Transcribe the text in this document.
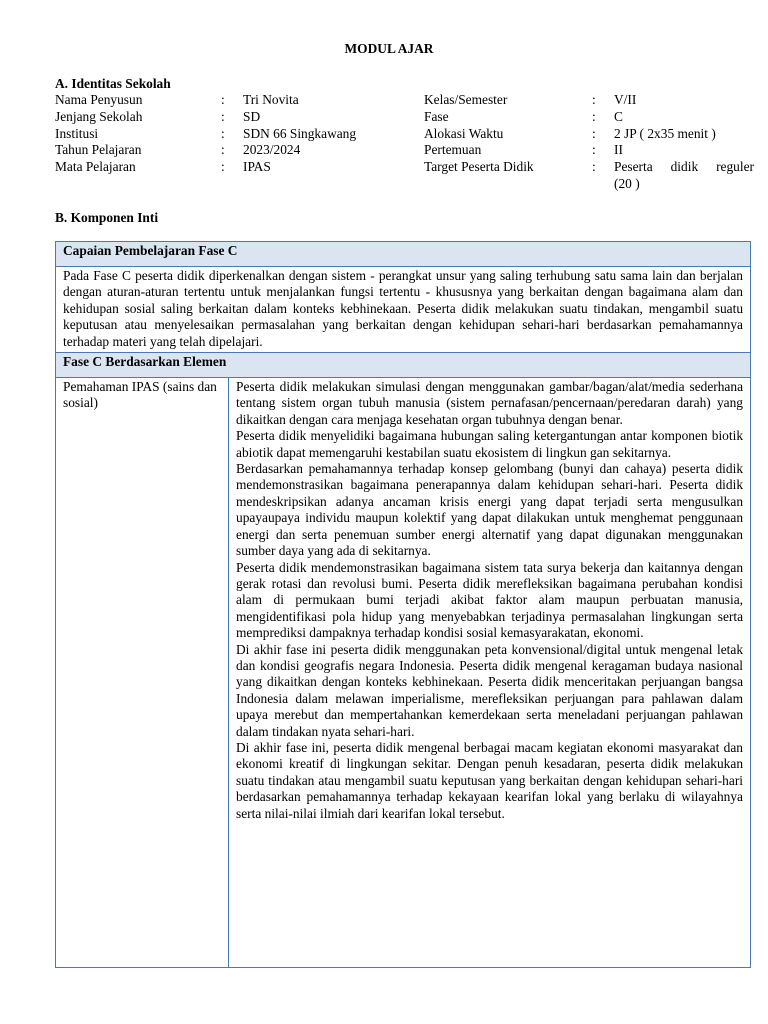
MODUL AJAR
A. Identitas Sekolah
Nama Penyusun	: Tri Novita	Kelas/Semester	: V/II
Jenjang Sekolah	: SD	Fase	: C
Institusi	: SDN 66 Singkawang	Alokasi Waktu	: 2 JP ( 2x35 menit )
Tahun Pelajaran	: 2023/2024	Pertemuan	: II
Mata Pelajaran	: IPAS	Target Peserta Didik	: Peserta didik reguler
(20 )
B. Komponen Inti
Capaian Pembelajaran Fase C
Pada Fase C peserta didik diperkenalkan dengan sistem - perangkat unsur yang saling terhubung satu sama lain dan berjalan dengan aturan-aturan tertentu untuk menjalankan fungsi tertentu - khususnya yang berkaitan dengan bagaimana alam dan kehidupan sosial saling berkaitan dalam konteks kebhinekaan. Peserta didik melakukan suatu tindakan, mengambil suatu keputusan atau menyelesaikan permasalahan yang berkaitan dengan kehidupan sehari-hari berdasarkan pemahamannya terhadap materi yang telah dipelajari.
Fase C Berdasarkan Elemen
Pemahaman IPAS (sains dan sosial)	

Peserta didik melakukan simulasi dengan menggunakan gambar/bagan/alat/media sederhana tentang sistem organ tubuh manusia (sistem pernafasan/pencernaan/peredaran darah) yang dikaitkan dengan cara menjaga kesehatan organ tubuhnya dengan benar.

Peserta didik menyelidiki bagaimana hubungan saling ketergantungan antar komponen biotik abiotik dapat memengaruhi kestabilan suatu ekosistem di lingkun gan sekitarnya.

Berdasarkan pemahamannya terhadap konsep gelombang (bunyi dan cahaya) peserta didik mendemonstrasikan bagaimana penerapannya dalam kehidupan sehari-hari. Peserta didik mendeskripsikan adanya ancaman krisis energi yang dapat terjadi serta mengusulkan upayaupaya individu maupun kolektif yang dapat dilakukan untuk menghemat penggunaan energi dan serta penemuan sumber energi alternatif yang dapat digunakan menggunakan sumber daya yang ada di sekitarnya.

Peserta didik mendemonstrasikan bagaimana sistem tata surya bekerja dan kaitannya dengan gerak rotasi dan revolusi bumi. Peserta didik merefleksikan bagaimana perubahan kondisi alam di permukaan bumi terjadi akibat faktor alam maupun perbuatan manusia, mengidentifikasi pola hidup yang menyebabkan terjadinya permasalahan lingkungan serta memprediksi dampaknya terhadap kondisi sosial kemasyarakatan, ekonomi.

Di akhir fase ini peserta didik menggunakan peta konvensional/digital untuk mengenal letak dan kondisi geografis negara Indonesia. Peserta didik mengenal keragaman budaya nasional yang dikaitkan dengan konteks kebhinekaan. Peserta didik menceritakan perjuangan bangsa Indonesia dalam melawan imperialisme, merefleksikan perjuangan para pahlawan dalam upaya merebut dan mempertahankan kemerdekaan serta meneladani perjuangan pahlawan dalam tindakan nyata sehari-hari.

Di akhir fase ini, peserta didik mengenal berbagai macam kegiatan ekonomi masyarakat dan ekonomi kreatif di lingkungan sekitar. Dengan penuh kesadaran, peserta didik melakukan suatu tindakan atau mengambil suatu keputusan yang berkaitan dengan kehidupan sehari-hari berdasarkan pemahamannya terhadap kekayaan kearifan lokal yang berlaku di wilayahnya serta nilai-nilai ilmiah dari kearifan lokal tersebut.
